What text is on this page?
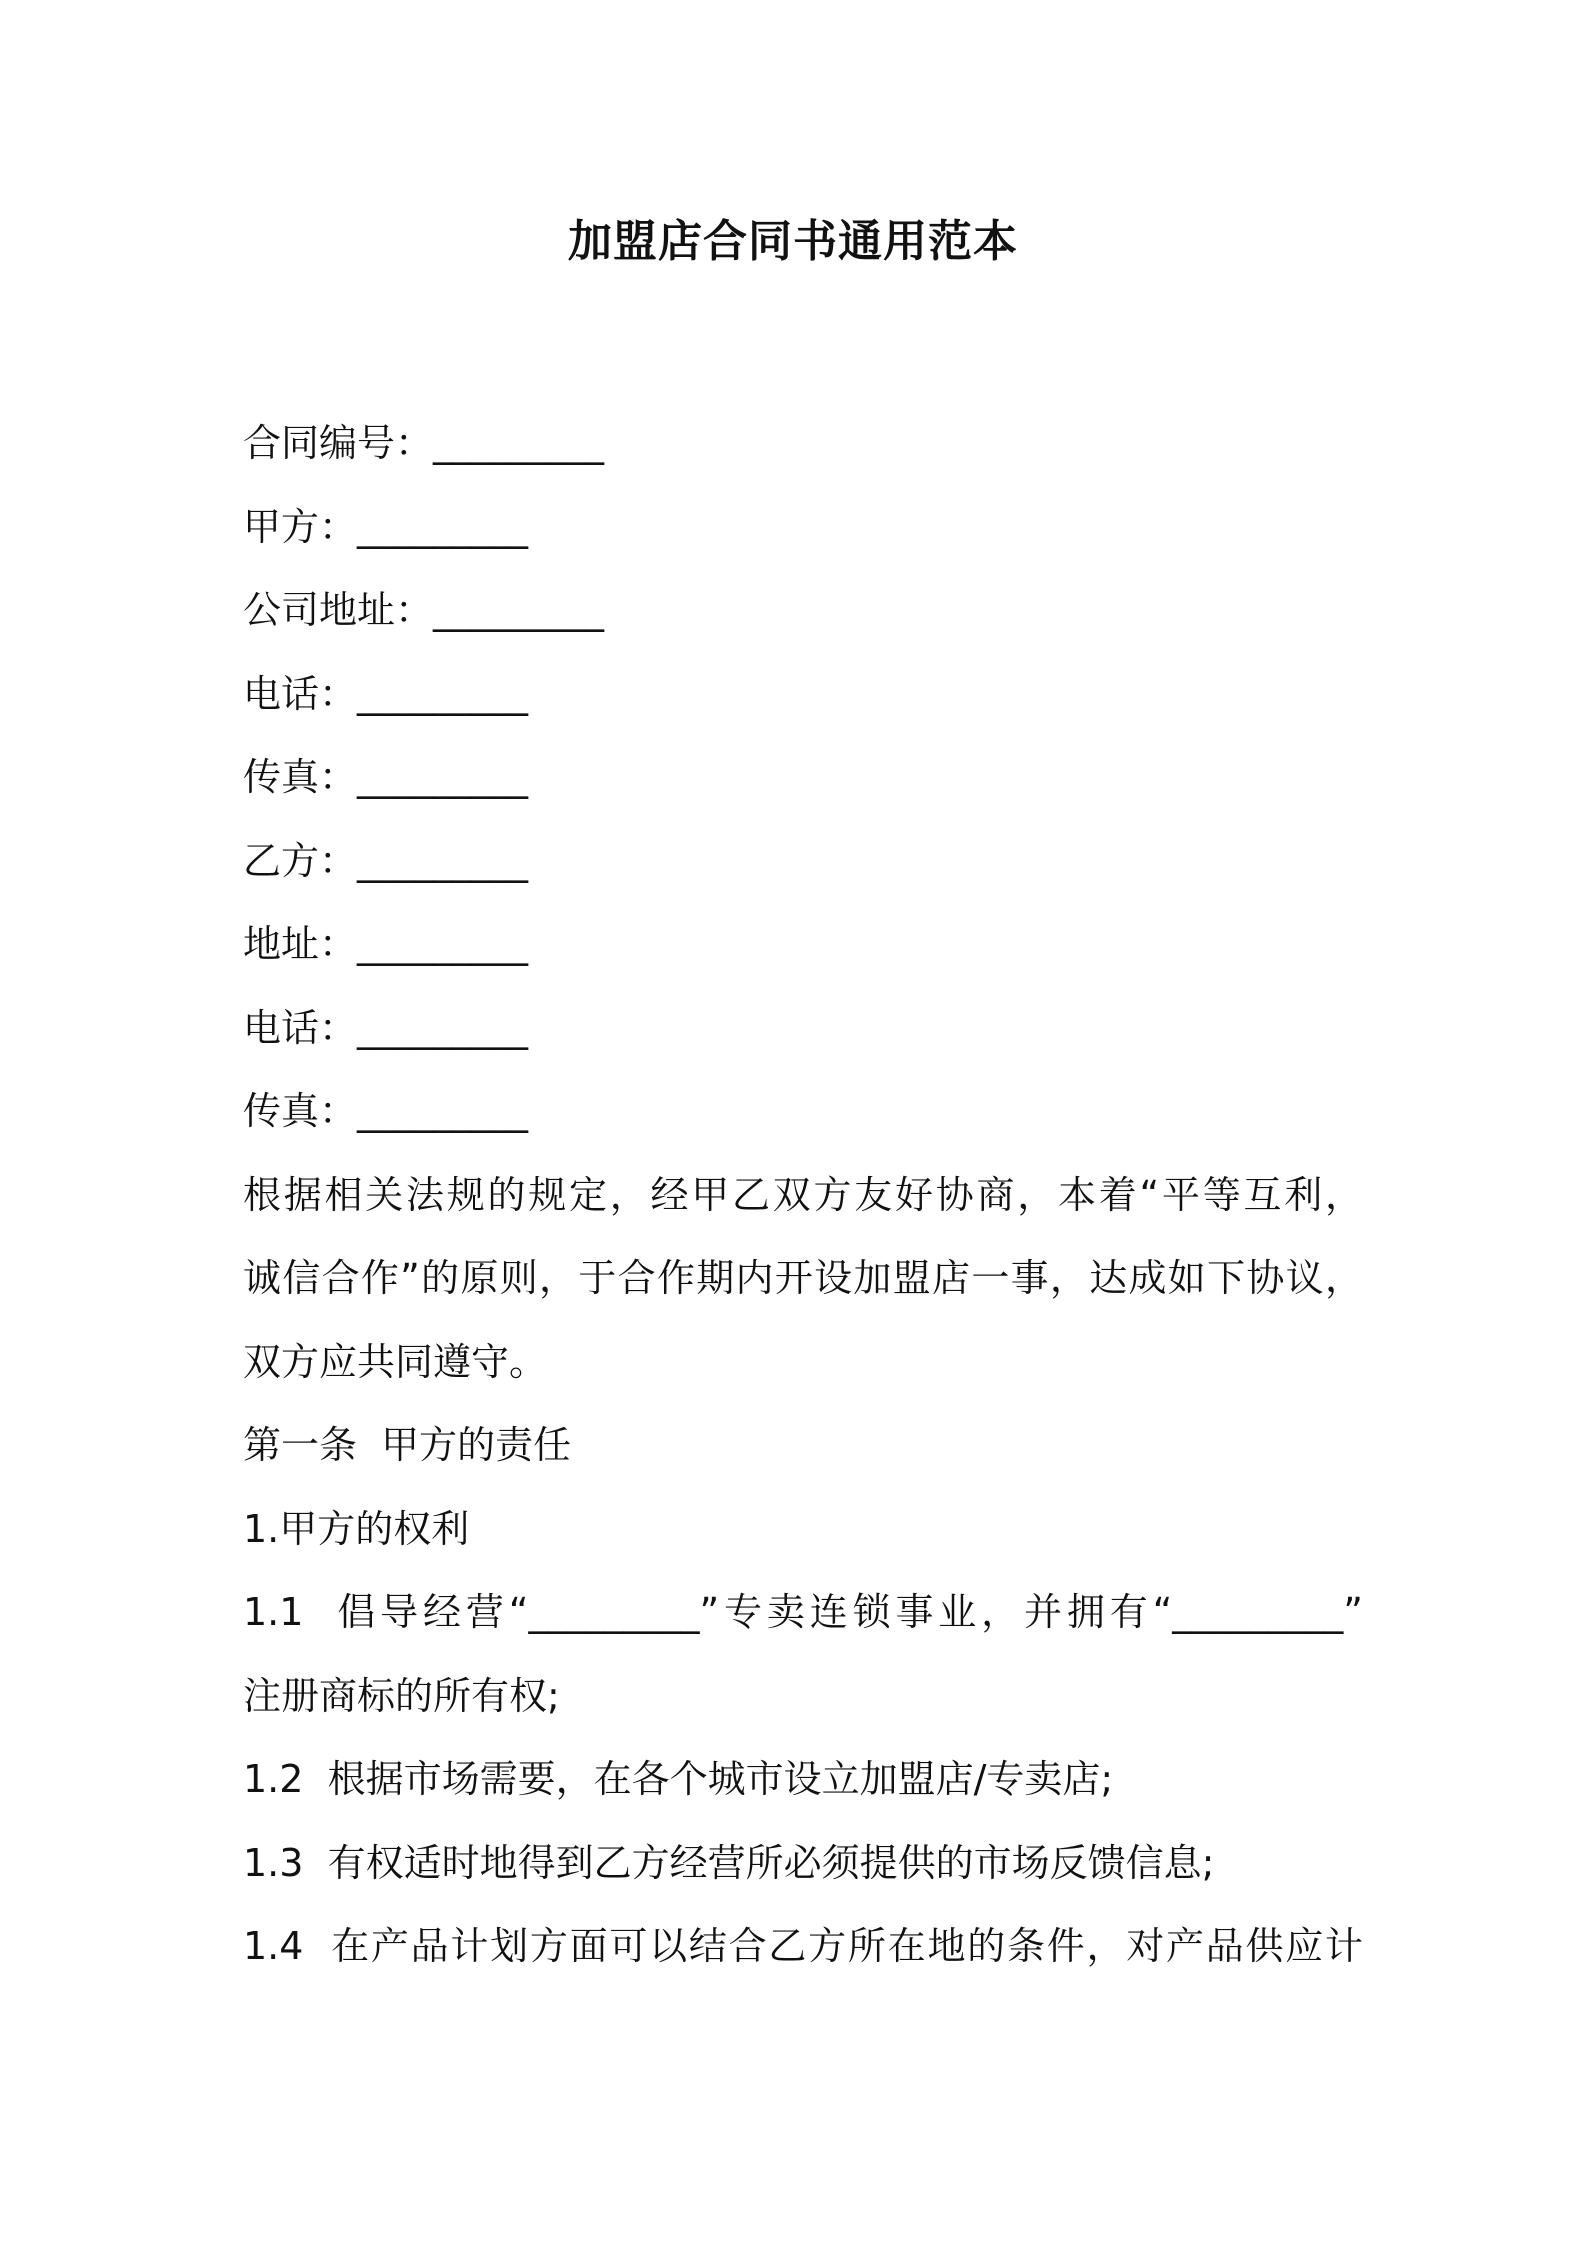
加盟店合同书通用范本
合同编号：_________
甲方：_________
公司地址：_________
电话：_________
传真：_________
乙方：_________
地址：_________
电话：_________
传真：_________
根据相关法规的规定，经甲乙双方友好协商，本着“平等互利，
诚信合作”的原则，于合作期内开设加盟店一事，达成如下协议，
双方应共同遵守。
第一条  甲方的责任
1.甲方的权利
1.1  倡导经营“_________”专卖连锁事业，并拥有“_________”
注册商标的所有权;
1.2  根据市场需要，在各个城市设立加盟店/专卖店;
1.3  有权适时地得到乙方经营所必须提供的市场反馈信息;
1.4  在产品计划方面可以结合乙方所在地的条件，对产品供应计
